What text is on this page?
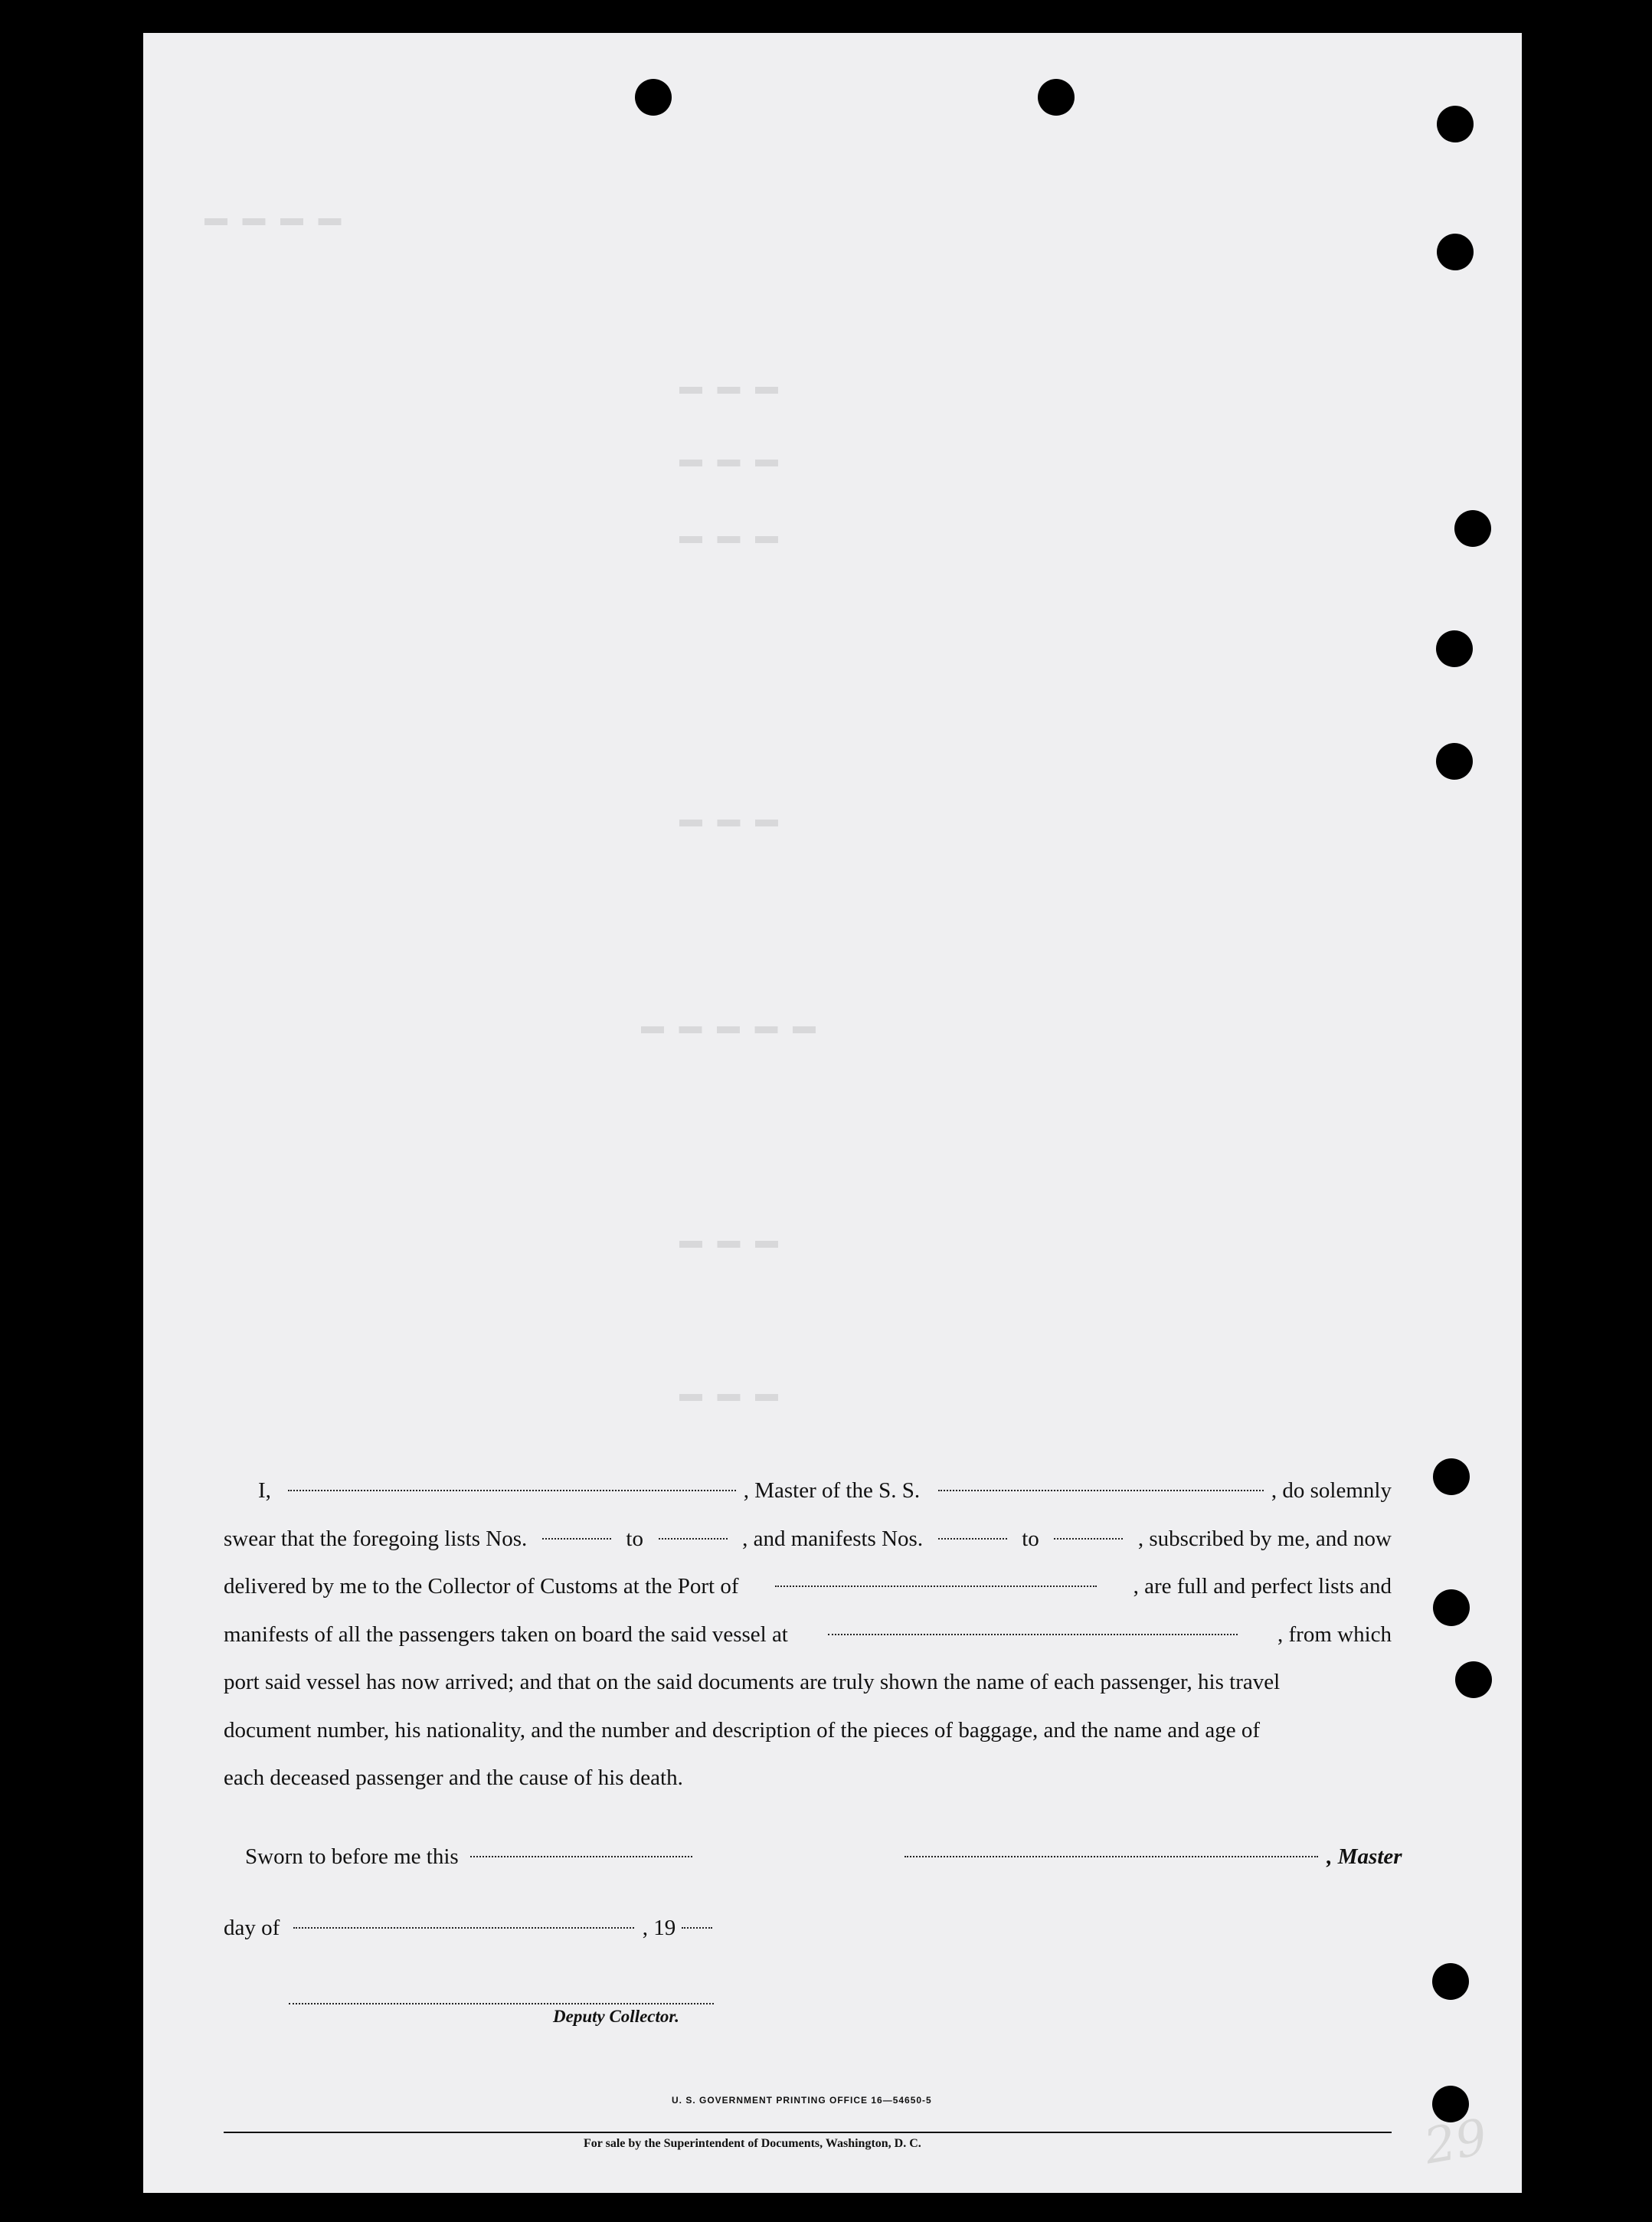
▬ ▬ ▬ ▬
▬ ▬ ▬
▬ ▬ ▬
▬ ▬ ▬
▬ ▬ ▬
▬ ▬ ▬ ▬ ▬
▬ ▬ ▬
▬ ▬ ▬

I,	, Master of the S. S.	, do solemnly

swear that the foregoing lists Nos.	to	, and manifests Nos.	to	, subscribed by me, and now

delivered by me to the Collector of Customs at the Port of	, are full and perfect lists and

manifests of all the passengers taken on board the said vessel at	, from which

port said vessel has now arrived; and that on the said documents are truly shown the name of each passenger, his travel

document number, his nationality, and the number and description of the pieces of baggage, and the name and age of

each deceased passenger and the cause of his death.

Sworn to before me this	, Master
day of	, 19
Deputy Collector.
U. S. GOVERNMENT PRINTING OFFICE 16—54650-5
For sale by the Superintendent of Documents, Washington, D. C.	29
